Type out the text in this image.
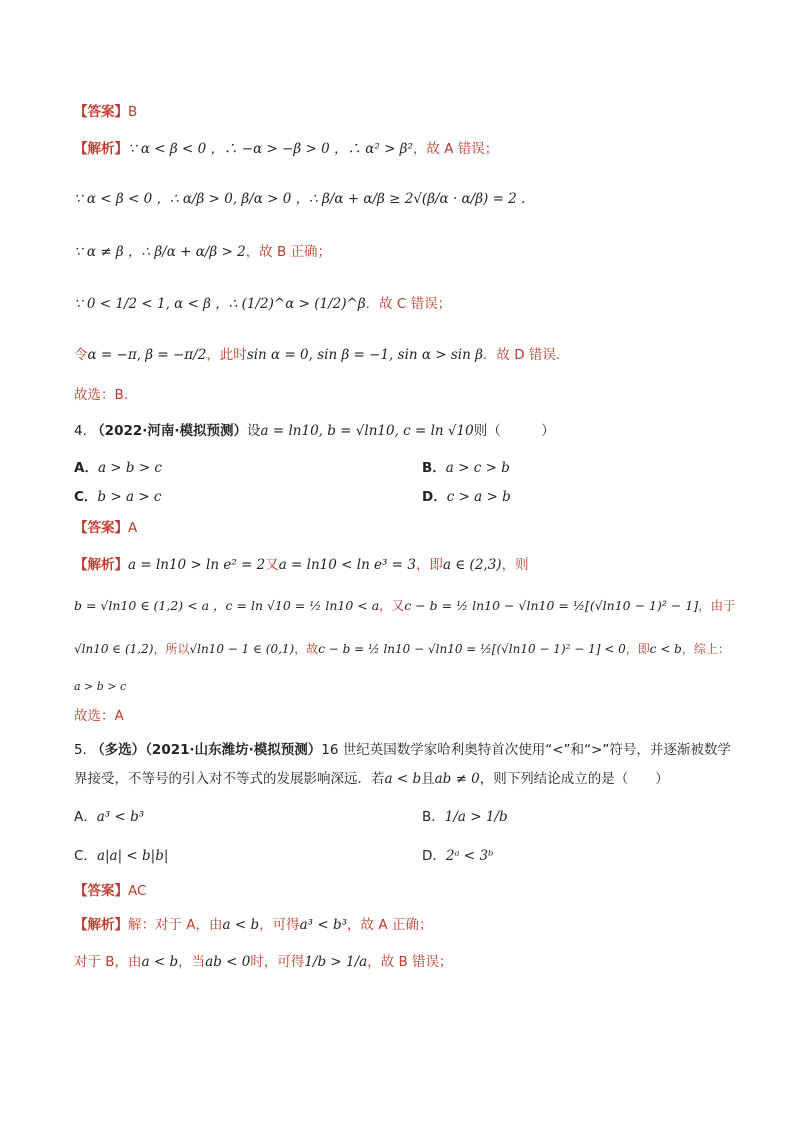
【答案】B
【解析】∵ α < β < 0 ，∴ −α > −β > 0 ，∴ α² > β²，故 A 错误；
∵ α < β < 0 ，∴ α/β > 0, β/α > 0 ，∴ β/α + α/β ≥ 2√(β/α · α/β) = 2 .
∵ α ≠ β ，∴ β/α + α/β > 2，故 B 正确；
∵ 0 < 1/2 < 1, α < β ，∴ (1/2)^α > (1/2)^β．故 C 错误；
令α = −π, β = −π/2，此时sin α = 0, sin β = −1, sin α > sin β．故 D 错误．
故选：B．
4. （2022·河南·模拟预测）设a = ln10, b = √ln10, c = ln √10则（　　　）
A．a > b > c	B．a > c > b
C．b > a > c	D．c > a > b
【答案】A
【解析】a = ln10 > ln e² = 2又a = ln10 < ln e³ = 3，即a ∈ (2,3)，则
b = √ln10 ∈ (1,2) < a ，c = ln √10 = ½ ln10 < a，又c − b = ½ ln10 − √ln10 = ½[(√ln10 − 1)² − 1]，由于
√ln10 ∈ (1,2)，所以√ln10 − 1 ∈ (0,1)，故c − b = ½ ln10 − √ln10 = ½[(√ln10 − 1)² − 1] < 0，即c < b，综上：
a > b > c
故选：A
5. （多选）（2021·山东潍坊·模拟预测）16 世纪英国数学家哈利奥特首次使用“<”和“>”符号，并逐渐被数学
界接受，不等号的引入对不等式的发展影响深远．若a < b且ab ≠ 0，则下列结论成立的是（　　）
A．a³ < b³	B．1/a > 1/b
C．a|a| < b|b|	D．2ᵃ < 3ᵇ
【答案】AC
【解析】解：对于 A，由a < b，可得a³ < b³，故 A 正确；
对于 B，由a < b，当ab < 0时，可得1/b > 1/a，故 B 错误；
